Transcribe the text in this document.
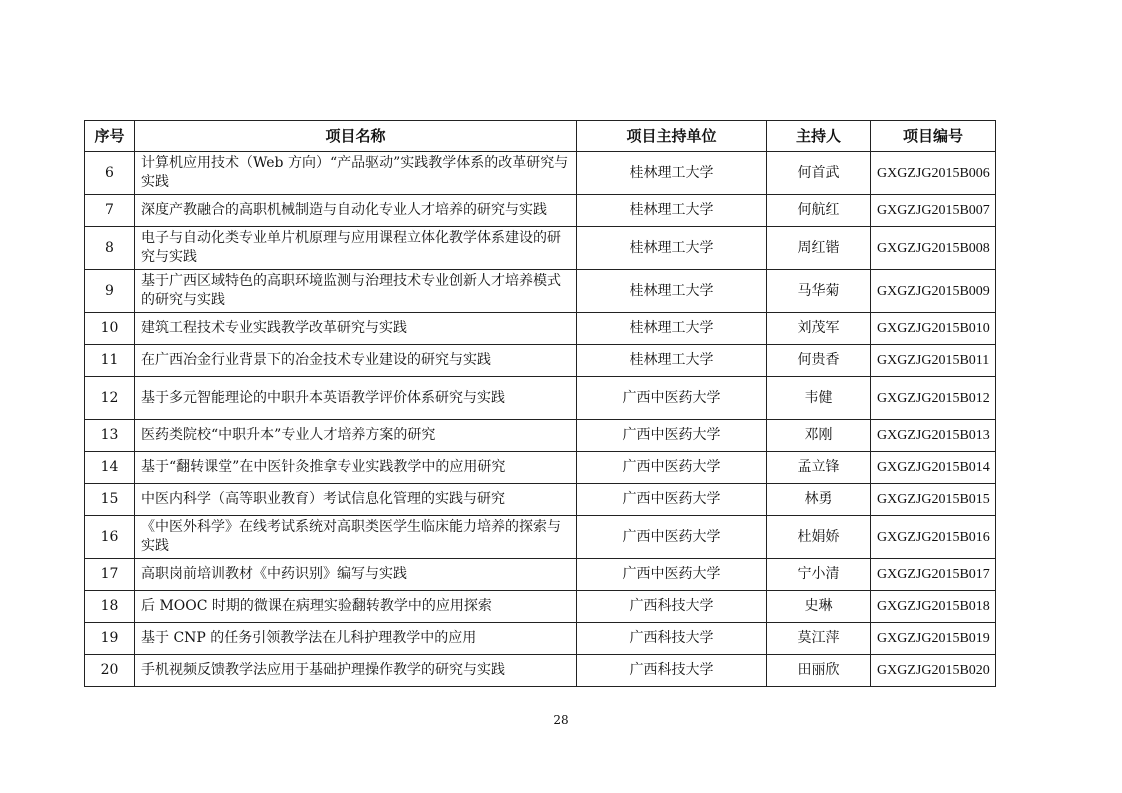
序号	项目名称	项目主持单位	主持人	项目编号
6	计算机应用技术（Web 方向）“产品驱动”实践教学体系的改革研究与实践	桂林理工大学	何首武	GXGZJG2015B006
7	深度产教融合的高职机械制造与自动化专业人才培养的研究与实践	桂林理工大学	何航红	GXGZJG2015B007
8	电子与自动化类专业单片机原理与应用课程立体化教学体系建设的研究与实践	桂林理工大学	周红锴	GXGZJG2015B008
9	基于广西区域特色的高职环境监测与治理技术专业创新人才培养模式的研究与实践	桂林理工大学	马华菊	GXGZJG2015B009
10	建筑工程技术专业实践教学改革研究与实践	桂林理工大学	刘茂军	GXGZJG2015B010
11	在广西冶金行业背景下的冶金技术专业建设的研究与实践	桂林理工大学	何贵香	GXGZJG2015B011
12	基于多元智能理论的中职升本英语教学评价体系研究与实践	广西中医药大学	韦健	GXGZJG2015B012
13	医药类院校“中职升本”专业人才培养方案的研究	广西中医药大学	邓刚	GXGZJG2015B013
14	基于“翻转课堂”在中医针灸推拿专业实践教学中的应用研究	广西中医药大学	孟立锋	GXGZJG2015B014
15	中医内科学（高等职业教育）考试信息化管理的实践与研究	广西中医药大学	林勇	GXGZJG2015B015
16	《中医外科学》在线考试系统对高职类医学生临床能力培养的探索与实践	广西中医药大学	杜娟娇	GXGZJG2015B016
17	高职岗前培训教材《中药识别》编写与实践	广西中医药大学	宁小清	GXGZJG2015B017
18	后 MOOC 时期的微课在病理实验翻转教学中的应用探索	广西科技大学	史琳	GXGZJG2015B018
19	基于 CNP 的任务引领教学法在儿科护理教学中的应用	广西科技大学	莫江萍	GXGZJG2015B019
20	手机视频反馈教学法应用于基础护理操作教学的研究与实践	广西科技大学	田丽欣	GXGZJG2015B020
28
